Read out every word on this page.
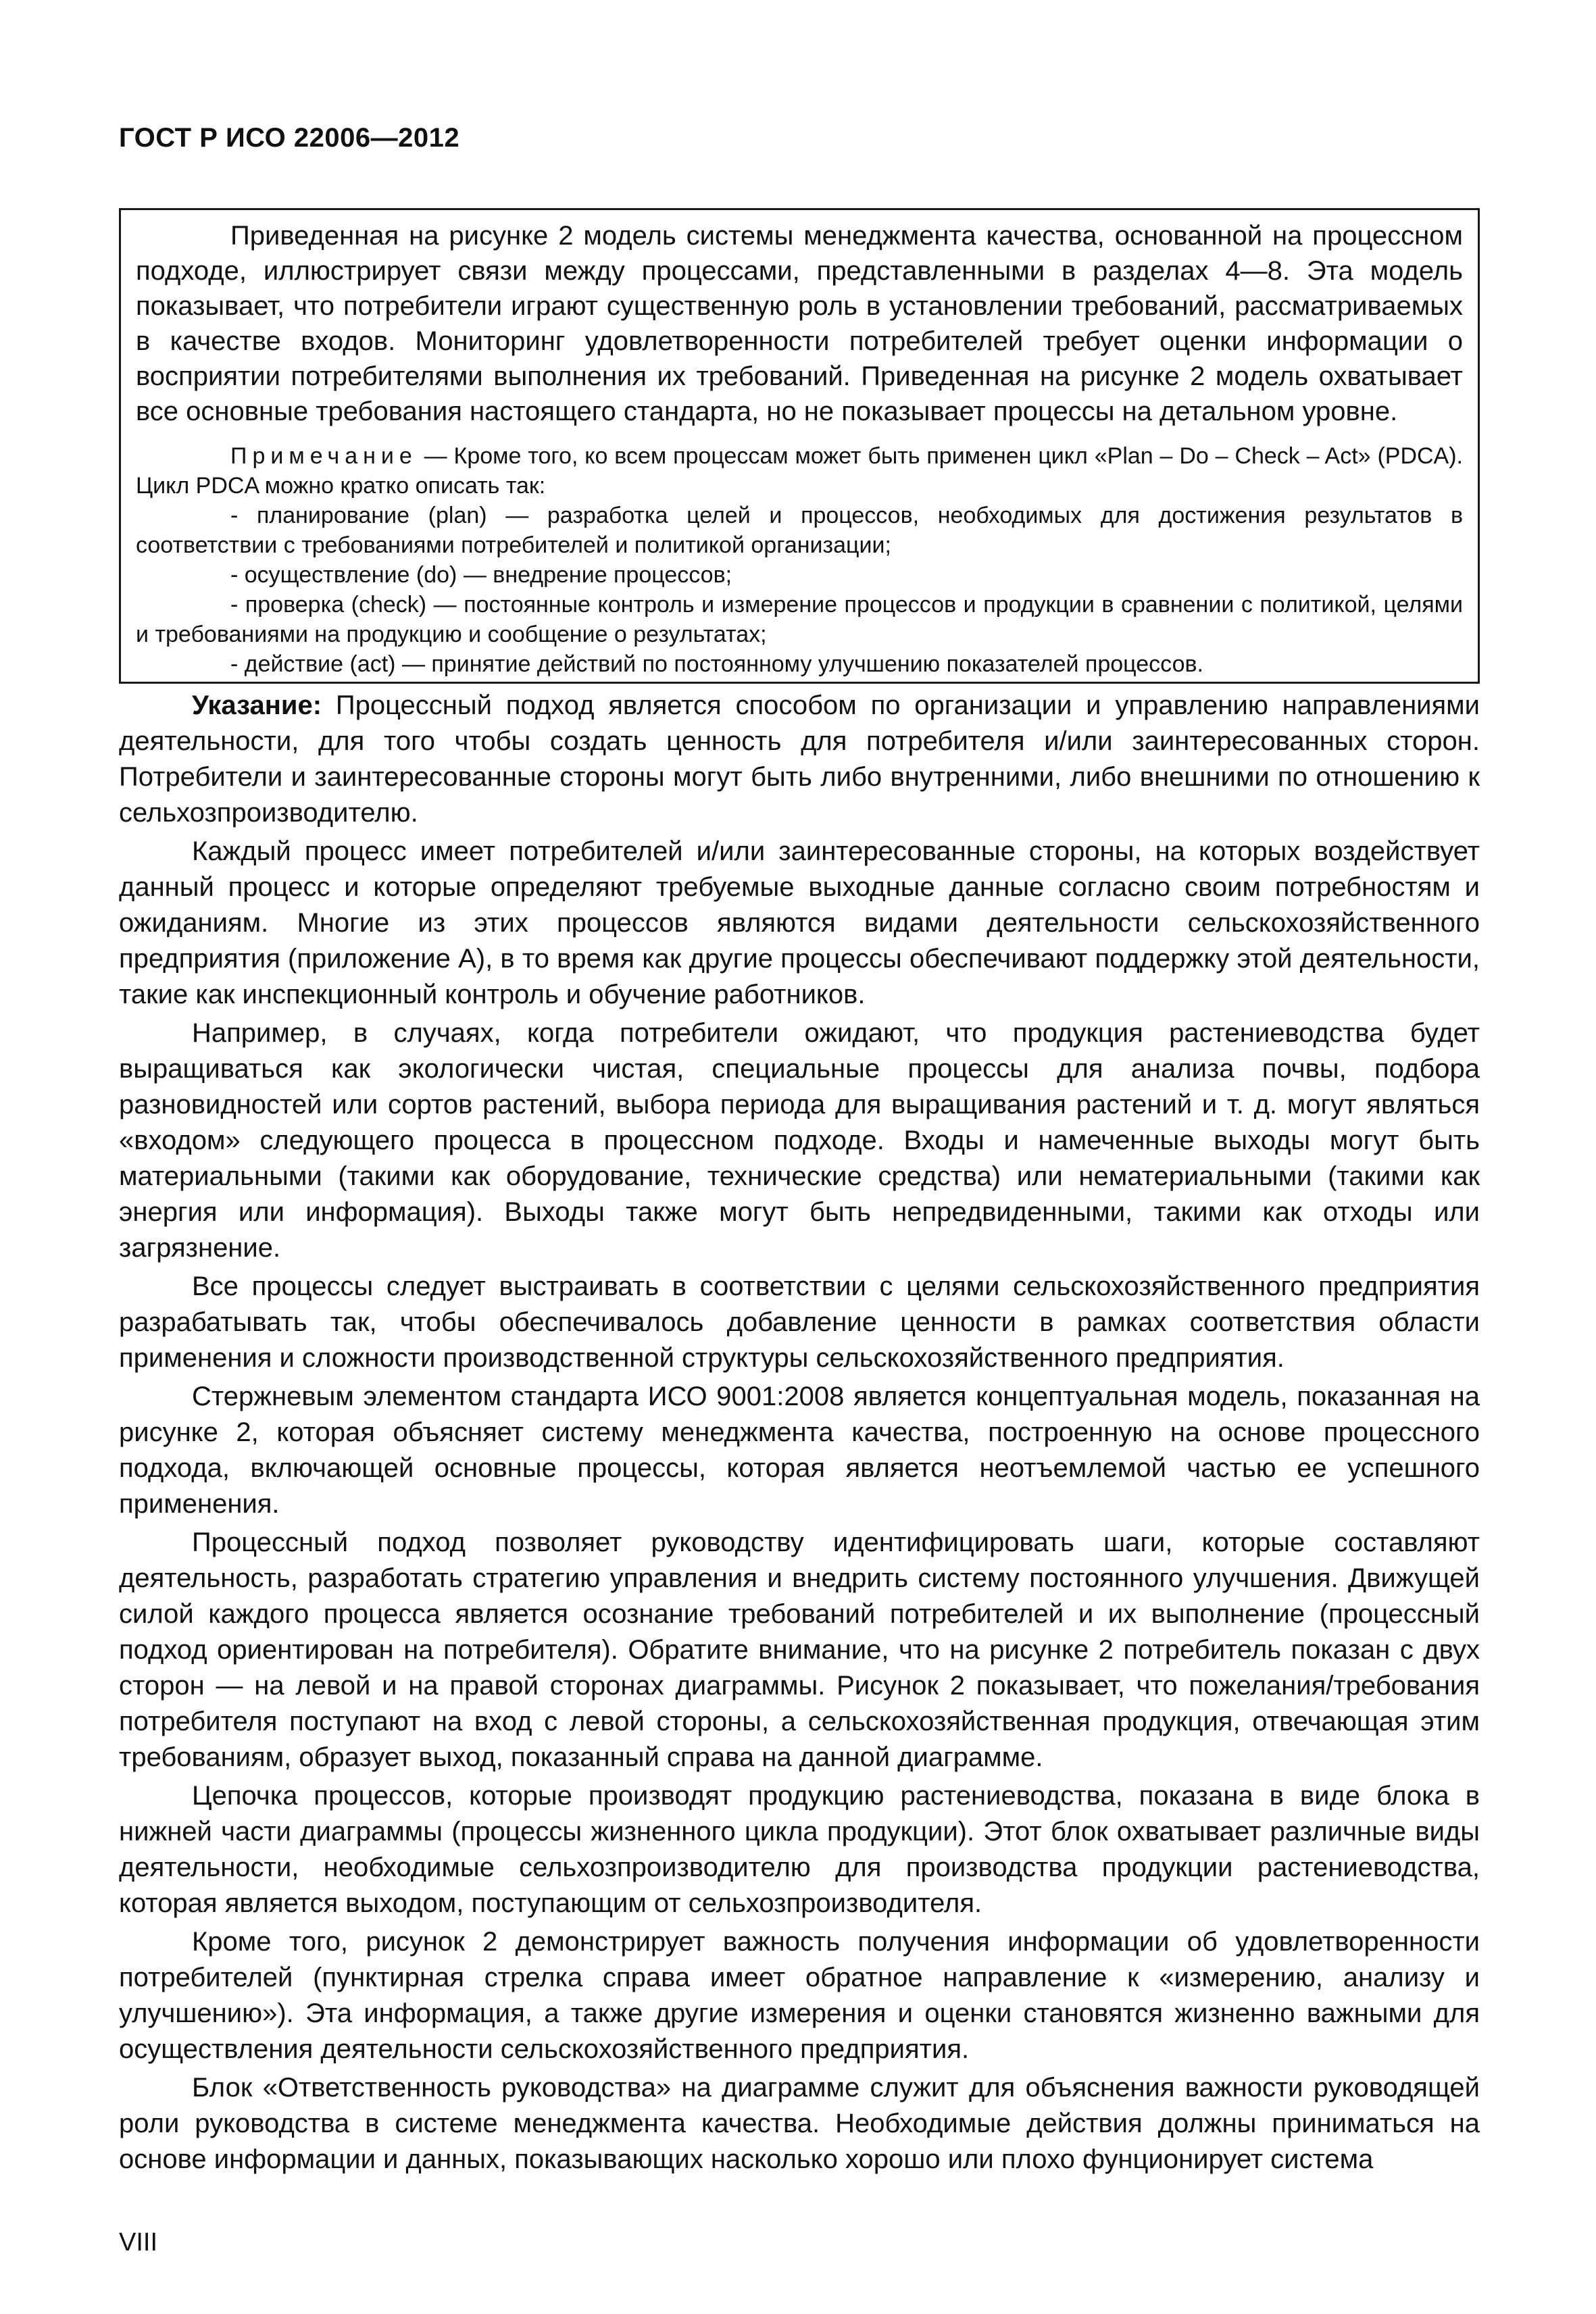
ГОСТ Р ИСО 22006—2012

Приведенная на рисунке 2 модель системы менеджмента качества, основанной на процессном подходе, иллюстрирует связи между процессами, представленными в разделах 4—8. Эта модель показывает, что потребители играют существенную роль в установлении требований, рассматриваемых в качестве входов. Мониторинг удовлетворенности потребителей требует оценки информации о восприятии потребителями выполнения их требований. Приведенная на рисунке 2 модель охватывает все основные требования настоящего стандарта, но не показывает процессы на детальном уровне.

Примечание — Кроме того, ко всем процессам может быть применен цикл «Plan – Do – Check – Act» (PDCA). Цикл PDCA можно кратко описать так:

- планирование (plan) — разработка целей и процессов, необходимых для достижения результатов в соответствии с требованиями потребителей и политикой организации;

- осуществление (do) — внедрение процессов;

- проверка (check) — постоянные контроль и измерение процессов и продукции в сравнении с политикой, целями и требованиями на продукцию и сообщение о результатах;

- действие (act) — принятие действий по постоянному улучшению показателей процессов.

Указание: Процессный подход является способом по организации и управлению направлениями деятельности, для того чтобы создать ценность для потребителя и/или заинтересованных сторон. Потребители и заинтересованные стороны могут быть либо внутренними, либо внешними по отношению к сельхозпроизводителю.

Каждый процесс имеет потребителей и/или заинтересованные стороны, на которых воздействует данный процесс и которые определяют требуемые выходные данные согласно своим потребностям и ожиданиям. Многие из этих процессов являются видами деятельности сельскохозяйственного предприятия (приложение А), в то время как другие процессы обеспечивают поддержку этой деятельности, такие как инспекционный контроль и обучение работников.

Например, в случаях, когда потребители ожидают, что продукция растениеводства будет выращиваться как экологически чистая, специальные процессы для анализа почвы, подбора разновидностей или сортов растений, выбора периода для выращивания растений и т. д. могут являться «входом» следующего процесса в процессном подходе. Входы и намеченные выходы могут быть материальными (такими как оборудование, технические средства) или нематериальными (такими как энергия или информация). Выходы также могут быть непредвиденными, такими как отходы или загрязнение.

Все процессы следует выстраивать в соответствии с целями сельскохозяйственного предприятия разрабатывать так, чтобы обеспечивалось добавление ценности в рамках соответствия области применения и сложности производственной структуры сельскохозяйственного предприятия.

Стержневым элементом стандарта ИСО 9001:2008 является концептуальная модель, показанная на рисунке 2, которая объясняет систему менеджмента качества, построенную на основе процессного подхода, включающей основные процессы, которая является неотъемлемой частью ее успешного применения.

Процессный подход позволяет руководству идентифицировать шаги, которые составляют деятельность, разработать стратегию управления и внедрить систему постоянного улучшения. Движущей силой каждого процесса является осознание требований потребителей и их выполнение (процессный подход ориентирован на потребителя). Обратите внимание, что на рисунке 2 потребитель показан с двух сторон — на левой и на правой сторонах диаграммы. Рисунок 2 показывает, что пожелания/требования потребителя поступают на вход с левой стороны, а сельскохозяйственная продукция, отвечающая этим требованиям, образует выход, показанный справа на данной диаграмме.

Цепочка процессов, которые производят продукцию растениеводства, показана в виде блока в нижней части диаграммы (процессы жизненного цикла продукции). Этот блок охватывает различные виды деятельности, необходимые сельхозпроизводителю для производства продукции растениеводства, которая является выходом, поступающим от сельхозпроизводителя.

Кроме того, рисунок 2 демонстрирует важность получения информации об удовлетворенности потребителей (пунктирная стрелка справа имеет обратное направление к «измерению, анализу и улучшению»). Эта информация, а также другие измерения и оценки становятся жизненно важными для осуществления деятельности сельскохозяйственного предприятия.

Блок «Ответственность руководства» на диаграмме служит для объяснения важности руководящей роли руководства в системе менеджмента качества. Необходимые действия должны приниматься на основе информации и данных, показывающих насколько хорошо или плохо фунционирует система

VIII
